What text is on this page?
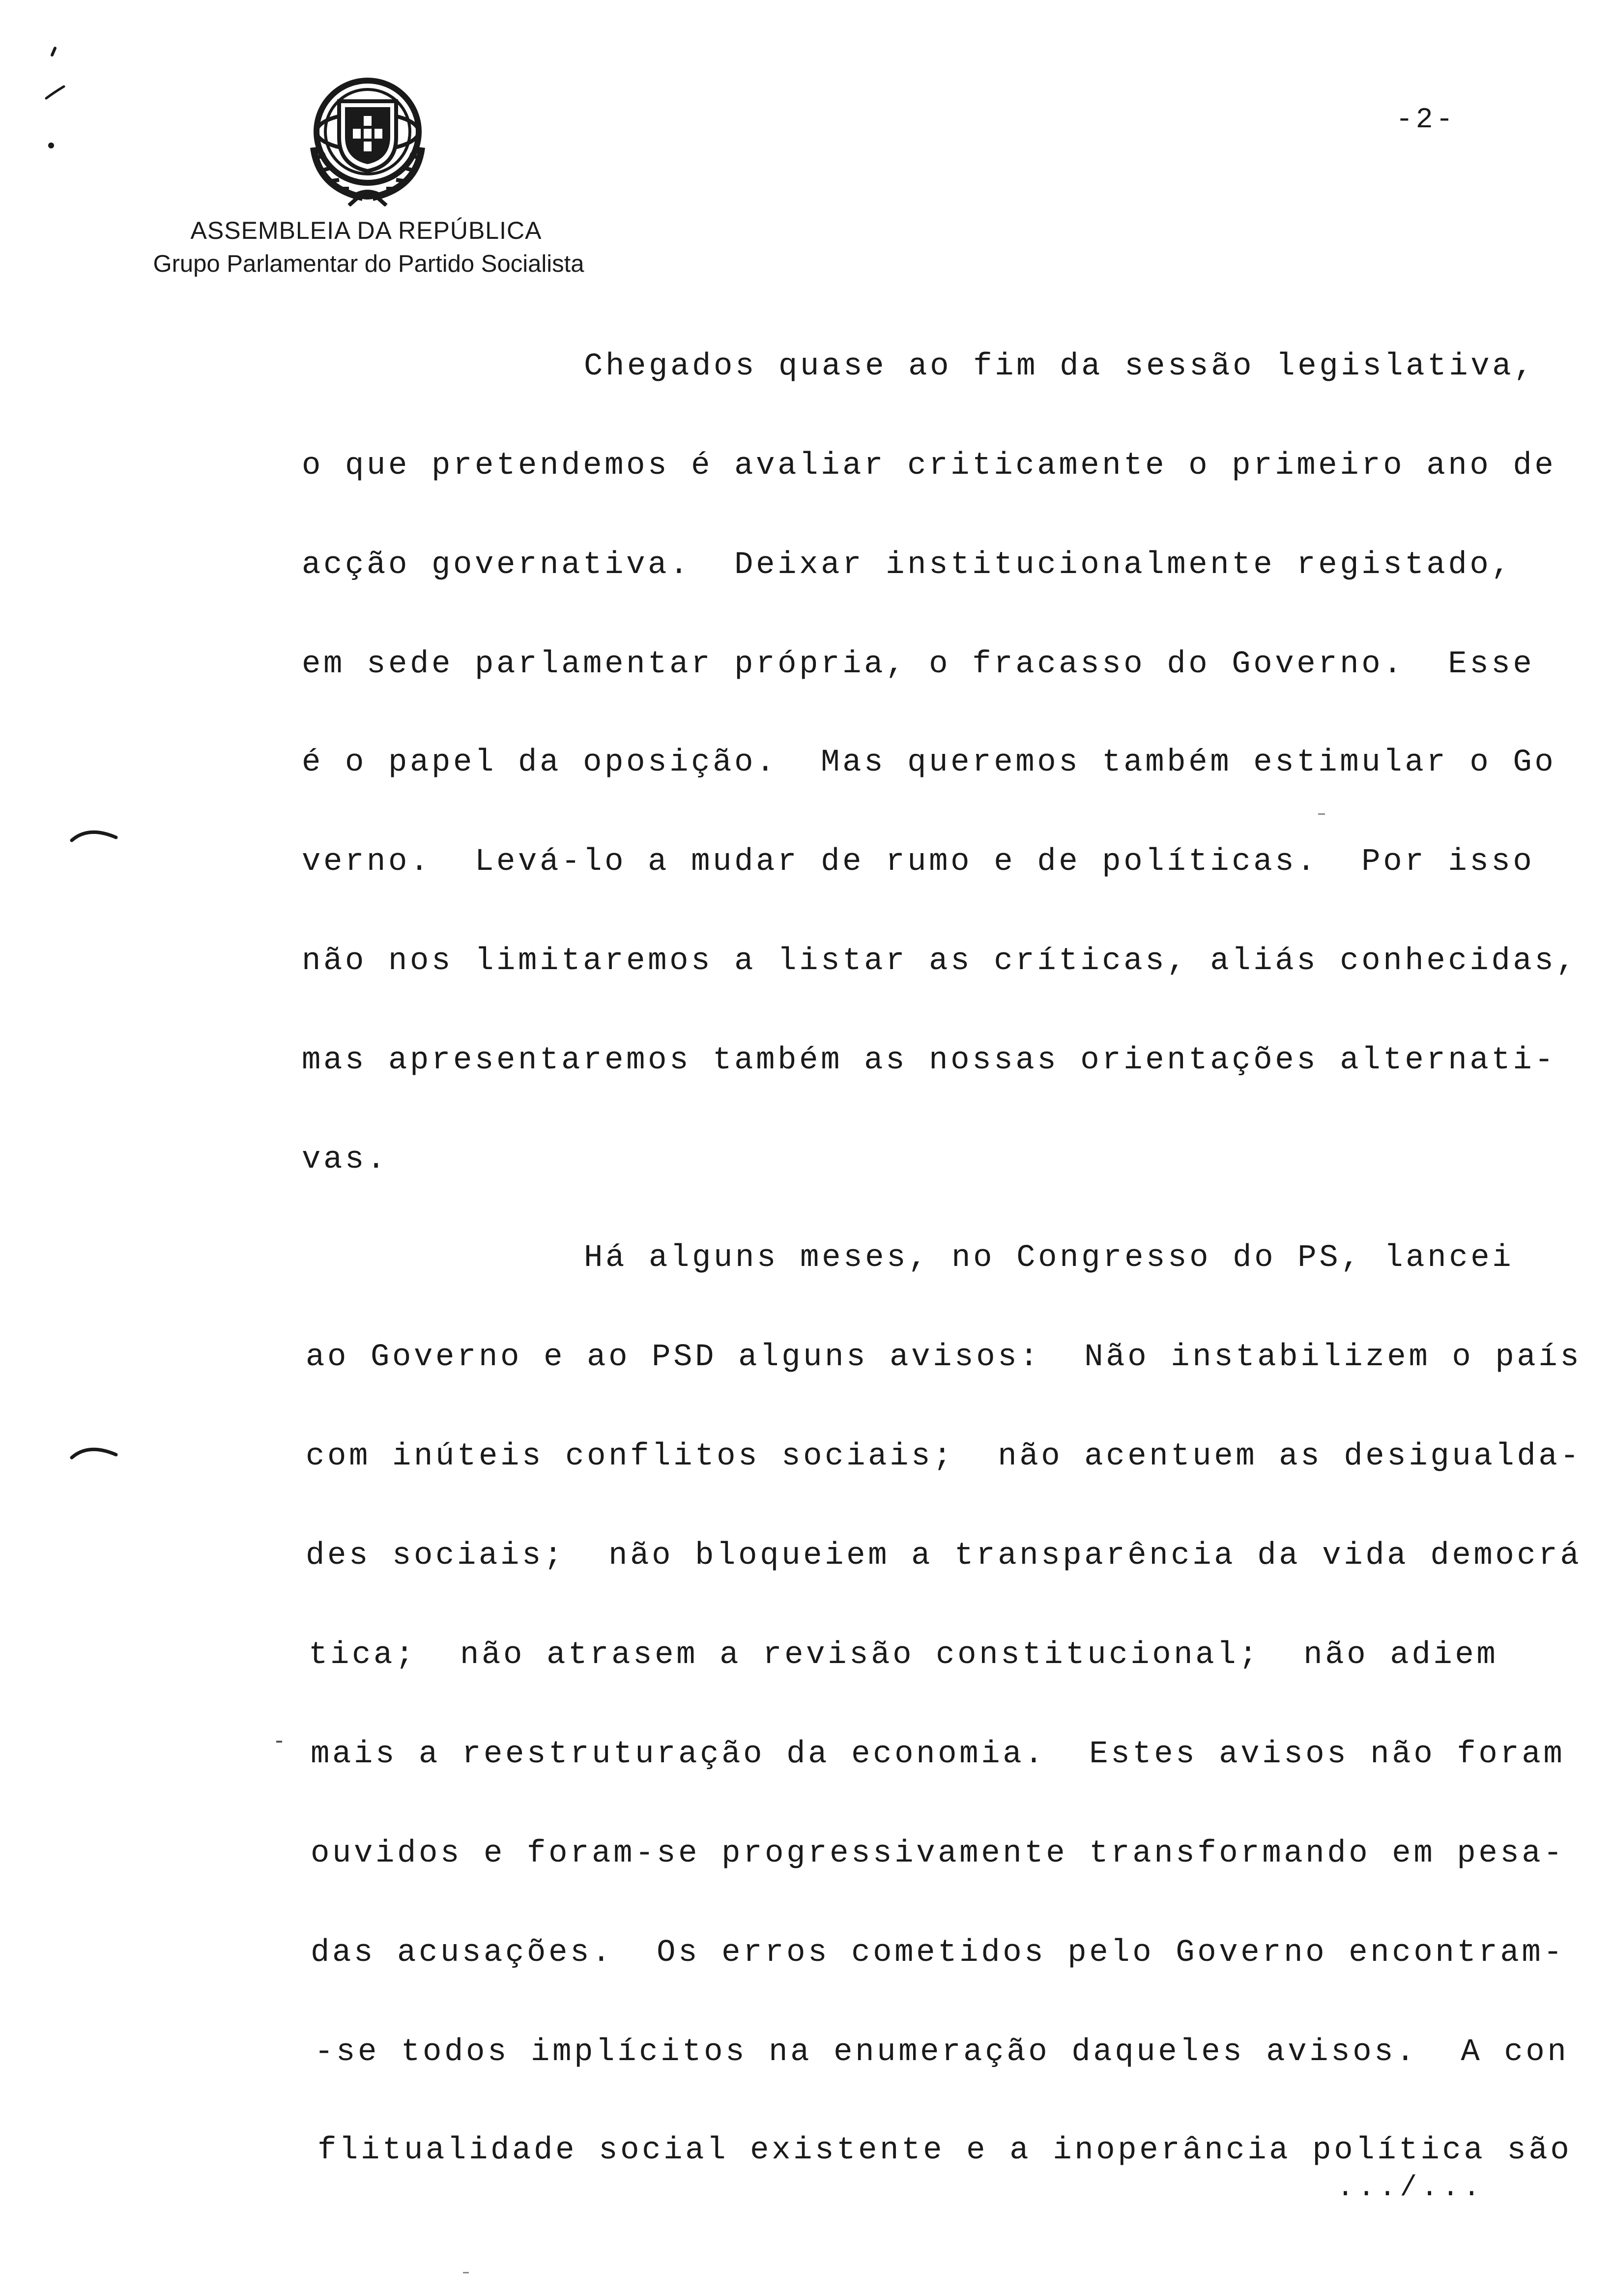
ASSEMBLEIA DA REPÚBLICA
Grupo Parlamentar do Partido Socialista
-2-
Chegados quase ao fim da sessão legislativa,
o que pretendemos é avaliar criticamente o primeiro ano de
acção governativa.  Deixar institucionalmente registado,
em sede parlamentar própria, o fracasso do Governo.  Esse
é o papel da oposição.  Mas queremos também estimular o Go
verno.  Levá-lo a mudar de rumo e de políticas.  Por isso
não nos limitaremos a listar as críticas, aliás conhecidas,
mas apresentaremos também as nossas orientações alternati-
vas.
Há alguns meses, no Congresso do PS, lancei
ao Governo e ao PSD alguns avisos:  Não instabilizem o país
com inúteis conflitos sociais;  não acentuem as desigualda-
des sociais;  não bloqueiem a transparência da vida democrá
tica;  não atrasem a revisão constitucional;  não adiem
mais a reestruturação da economia.  Estes avisos não foram
ouvidos e foram-se progressivamente transformando em pesa-
das acusações.  Os erros cometidos pelo Governo encontram-
-se todos implícitos na enumeração daqueles avisos.  A con
flitualidade social existente e a inoperância política são
.../...
